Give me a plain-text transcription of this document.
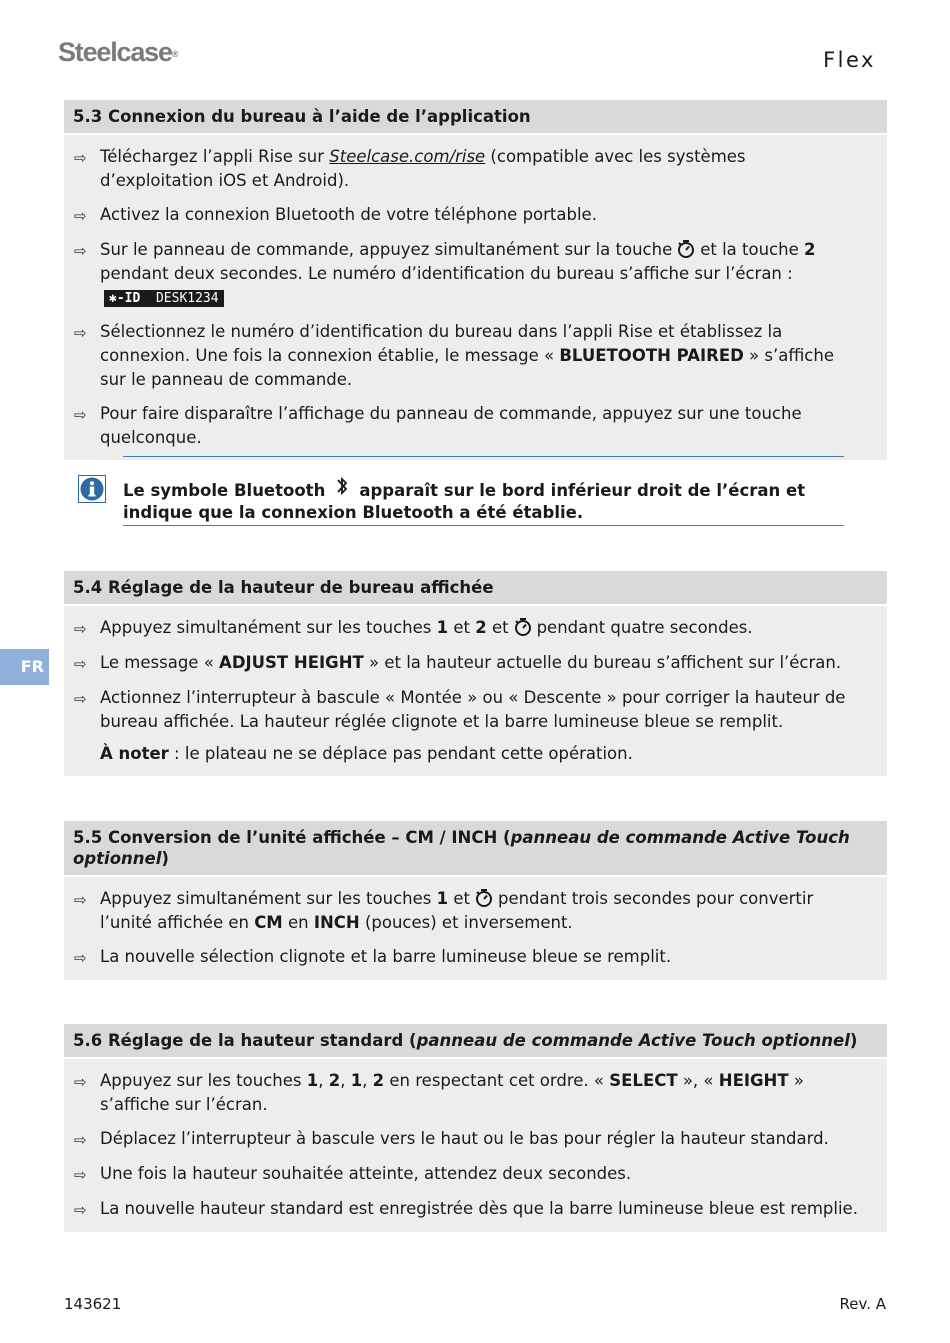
Steelcase®	Flex
FR
5.3 Connexion du bureau à l’aide de l’application
⇨ Téléchargez l’appli Rise sur Steelcase.com/rise (compatible avec les systèmes d’exploitation iOS et Android).
⇨ Activez la connexion Bluetooth de votre téléphone portable.
⇨ Sur le panneau de commande, appuyez simultanément sur la touche et la touche 2 pendant deux secondes. Le numéro d’identification du bureau s’affiche sur l’écran : ✱-ID DESK1234
⇨ Sélectionnez le numéro d’identification du bureau dans l’appli Rise et établissez la connexion. Une fois la connexion établie, le message « BLUETOOTH PAIRED » s’affiche sur le panneau de commande.
⇨ Pour faire disparaître l’affichage du panneau de commande, appuyez sur une touche quelconque.
Le symbole Bluetooth apparaît sur le bord inférieur droit de l’écran et indique que la connexion Bluetooth a été établie.
5.4 Réglage de la hauteur de bureau affichée
⇨ Appuyez simultanément sur les touches 1 et 2 et pendant quatre secondes.
⇨ Le message « ADJUST HEIGHT » et la hauteur actuelle du bureau s’affichent sur l’écran.
⇨ Actionnez l’interrupteur à bascule « Montée » ou « Descente » pour corriger la hauteur de bureau affichée. La hauteur réglée clignote et la barre lumineuse bleue se remplit.
À noter : le plateau ne se déplace pas pendant cette opération.
5.5 Conversion de l’unité affichée – CM / INCH (panneau de commande Active Touch optionnel)
⇨ Appuyez simultanément sur les touches 1 et pendant trois secondes pour convertir l’unité affichée en CM en INCH (pouces) et inversement.
⇨ La nouvelle sélection clignote et la barre lumineuse bleue se remplit.
5.6 Réglage de la hauteur standard (panneau de commande Active Touch optionnel)
⇨ Appuyez sur les touches 1, 2, 1, 2 en respectant cet ordre. « SELECT », « HEIGHT » s’affiche sur l’écran.
⇨ Déplacez l’interrupteur à bascule vers le haut ou le bas pour régler la hauteur standard.
⇨ Une fois la hauteur souhaitée atteinte, attendez deux secondes.
⇨ La nouvelle hauteur standard est enregistrée dès que la barre lumineuse bleue est remplie.
143621	Rev. A
